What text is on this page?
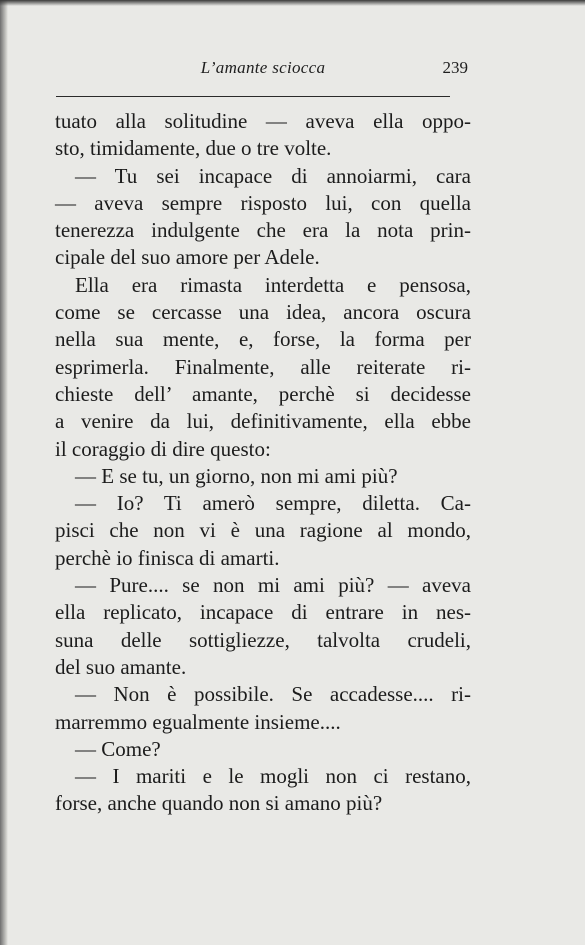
L’amante sciocca	239
tuato alla solitudine — aveva ella oppo-
sto, timidamente, due o tre volte.
— Tu sei incapace di annoiarmi, cara
— aveva sempre risposto lui, con quella
tenerezza indulgente che era la nota prin-
cipale del suo amore per Adele.
Ella era rimasta interdetta e pensosa,
come se cercasse una idea, ancora oscura
nella sua mente, e, forse, la forma per
esprimerla. Finalmente, alle reiterate ri-
chieste dell’ amante, perchè si decidesse
a venire da lui, definitivamente, ella ebbe
il coraggio di dire questo:
— E se tu, un giorno, non mi ami più?
— Io? Ti amerò sempre, diletta. Ca-
pisci che non vi è una ragione al mondo,
perchè io finisca di amarti.
— Pure.... se non mi ami più? — aveva
ella replicato, incapace di entrare in nes-
suna delle sottigliezze, talvolta crudeli,
del suo amante.
— Non è possibile. Se accadesse.... ri-
marremmo egualmente insieme....
— Come?
— I mariti e le mogli non ci restano,
forse, anche quando non si amano più?
